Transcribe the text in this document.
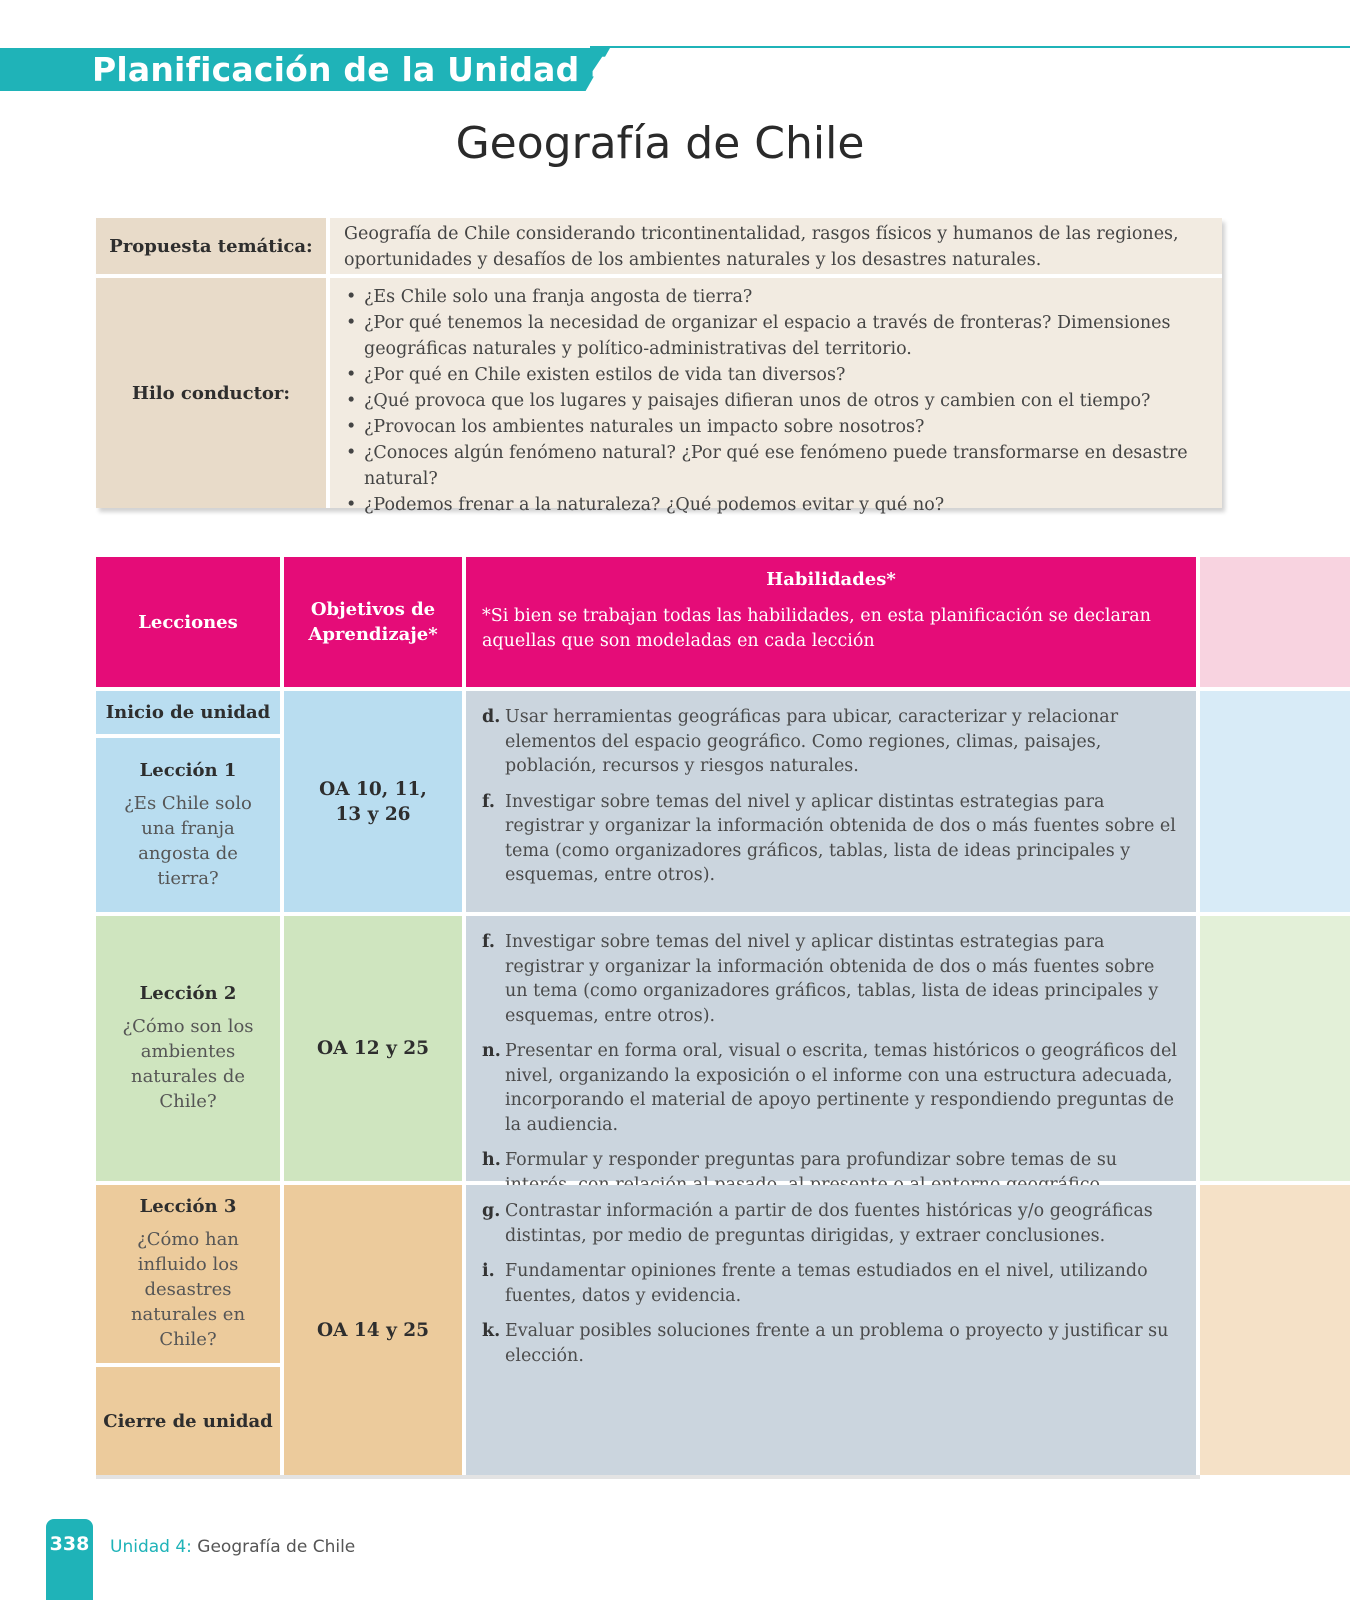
Planificación de la Unidad 4
Geografía de Chile
Propuesta temática:
Geografía de Chile considerando tricontinentalidad, rasgos físicos y humanos de las regiones, oportunidades y desafíos de los ambientes naturales y los desastres naturales.
Hilo conductor:
• ¿Es Chile solo una franja angosta de tierra?
• ¿Por qué tenemos la necesidad de organizar el espacio a través de fronteras? Dimensiones geográficas naturales y político-administrativas del territorio.
• ¿Por qué en Chile existen estilos de vida tan diversos?
• ¿Qué provoca que los lugares y paisajes difieran unos de otros y cambien con el tiempo?
• ¿Provocan los ambientes naturales un impacto sobre nosotros?
• ¿Conoces algún fenómeno natural? ¿Por qué ese fenómeno puede transformarse en desastre natural?
• ¿Podemos frenar a la naturaleza? ¿Qué podemos evitar y qué no?
Lecciones
Objetivos de Aprendizaje*
Habilidades*
*Si bien se trabajan todas las habilidades, en esta planificación se declaran aquellas que son modeladas en cada lección
Inicio de unidad
Lección 1
¿Es Chile solo una franja angosta de tierra?
OA 10, 11, 13 y 26
d. Usar herramientas geográficas para ubicar, caracterizar y relacionar elementos del espacio geográfico. Como regiones, climas, paisajes, población, recursos y riesgos naturales.
f. Investigar sobre temas del nivel y aplicar distintas estrategias para registrar y organizar la información obtenida de dos o más fuentes sobre el tema (como organizadores gráficos, tablas, lista de ideas principales y esquemas, entre otros).
Lección 2
¿Cómo son los ambientes naturales de Chile?
OA 12 y 25
f. Investigar sobre temas del nivel y aplicar distintas estrategias para registrar y organizar la información obtenida de dos o más fuentes sobre un tema (como organizadores gráficos, tablas, lista de ideas principales y esquemas, entre otros).
n. Presentar en forma oral, visual o escrita, temas históricos o geográficos del nivel, organizando la exposición o el informe con una estructura adecuada, incorporando el material de apoyo pertinente y respondiendo preguntas de la audiencia.
h. Formular y responder preguntas para profundizar sobre temas de su
Lección 3
¿Cómo han influido los desastres naturales en Chile?
Cierre de unidad
OA 14 y 25
g. Contrastar información a partir de dos fuentes históricas y/o geográficas distintas, por medio de preguntas dirigidas, y extraer conclusiones.
i. Fundamentar opiniones frente a temas estudiados en el nivel, utilizando fuentes, datos y evidencia.
k. Evaluar posibles soluciones frente a un problema o proyecto y justificar su elección.
338 Unidad 4: Geografía de Chile
